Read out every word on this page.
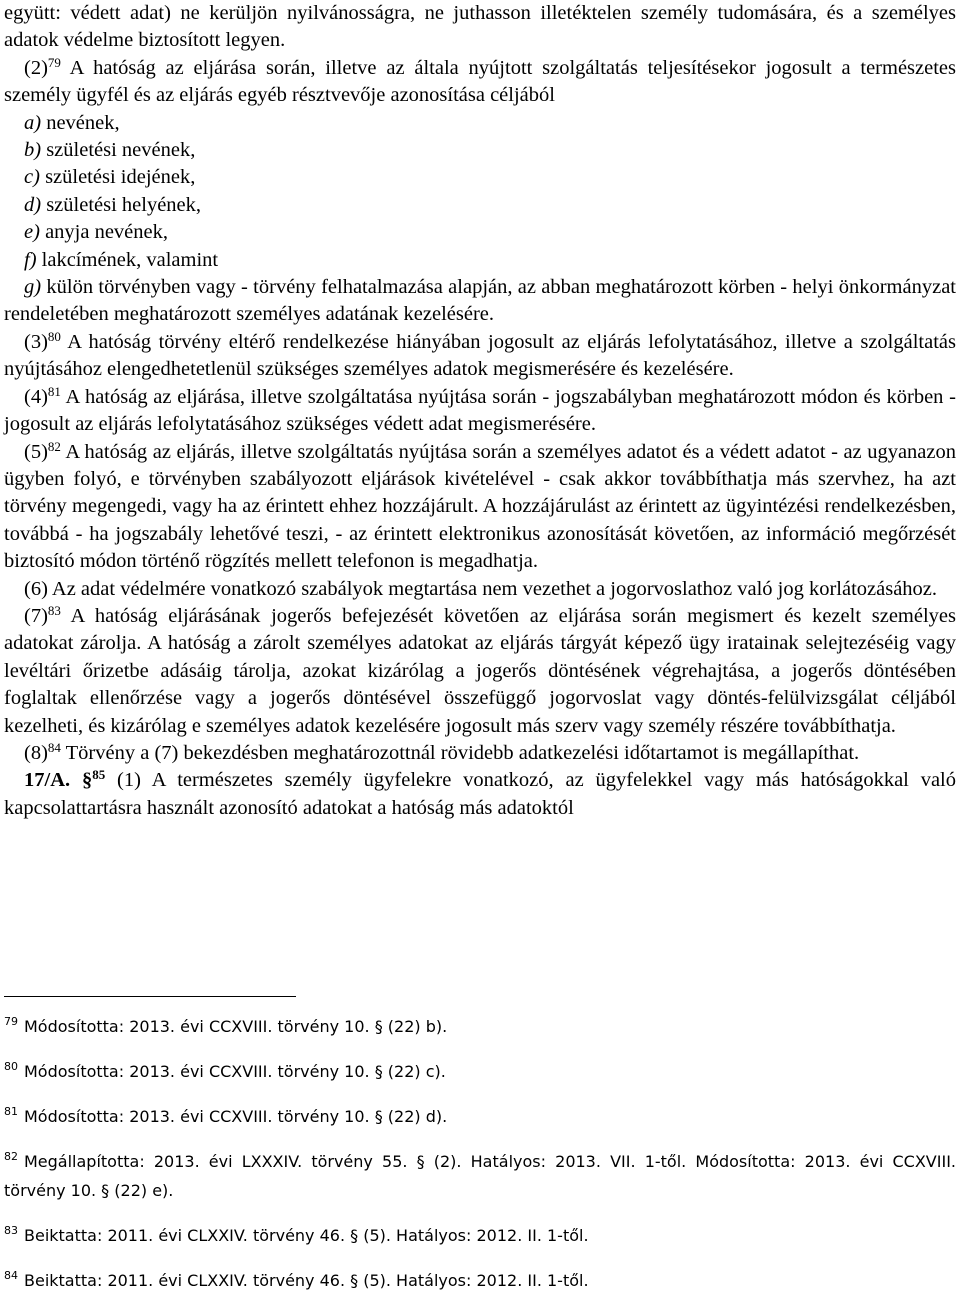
együtt: védett adat) ne kerüljön nyilvánosságra, ne juthasson illetéktelen személy tudomására, és a személyes adatok védelme biztosított legyen.

$(2)^{79}$ A hatóság az eljárása során, illetve az általa nyújtott szolgáltatás teljesítésekor jogosult a természetes személy ügyfél és az eljárás egyéb résztvevője azonosítása céljából

a) nevének,

b) születési nevének,

c) születési idejének,

d) születési helyének,

e) anyja nevének,

f) lakcímének, valamint

g) külön törvényben vagy - törvény felhatalmazása alapján, az abban meghatározott körben - helyi önkormányzat rendeletében meghatározott személyes adatának kezelésére.

$(3)^{80}$ A hatóság törvény eltérő rendelkezése hiányában jogosult az eljárás lefolytatásához, illetve a szolgáltatás nyújtásához elengedhetetlenül szükséges személyes adatok megismerésére és kezelésére.

$(4)^{81}$ A hatóság az eljárása, illetve szolgáltatása nyújtása során - jogszabályban meghatározott módon és körben - jogosult az eljárás lefolytatásához szükséges védett adat megismerésére.

$(5)^{82}$ A hatóság az eljárás, illetve szolgáltatás nyújtása során a személyes adatot és a védett adatot - az ugyanazon ügyben folyó, e törvényben szabályozott eljárások kivételével - csak akkor továbbíthatja más szervhez, ha azt törvény megengedi, vagy ha az érintett ehhez hozzájárult. A hozzájárulást az érintett az ügyintézési rendelkezésben, továbbá - ha jogszabály lehetővé teszi, - az érintett elektronikus azonosítását követően, az információ megőrzését biztosító módon történő rögzítés mellett telefonon is megadhatja.

(6) Az adat védelmére vonatkozó szabályok megtartása nem vezethet a jogorvoslathoz való jog korlátozásához.

$(7)^{83}$ A hatóság eljárásának jogerős befejezését követően az eljárása során megismert és kezelt személyes adatokat zárolja. A hatóság a zárolt személyes adatokat az eljárás tárgyát képező ügy iratainak selejtezéséig vagy levéltári őrizetbe adásáig tárolja, azokat kizárólag a jogerős döntésének végrehajtása, a jogerős döntésében foglaltak ellenőrzése vagy a jogerős döntésével összefüggő jogorvoslat vagy döntés-felülvizsgálat céljából kezelheti, és kizárólag e személyes adatok kezelésére jogosult más szerv vagy személy részére továbbíthatja.

$(8)^{84}$ Törvény a (7) bekezdésben meghatározottnál rövidebb adatkezelési időtartamot is megállapíthat.

17/A. §$^{85}$ (1) A természetes személy ügyfelekre vonatkozó, az ügyfelekkel vagy más hatóságokkal való kapcsolattartásra használt azonosító adatokat a hatóság más adatoktól

$^{79}$ Módosította: 2013. évi CCXVIII. törvény 10. § (22) b).

$^{80}$ Módosította: 2013. évi CCXVIII. törvény 10. § (22) c).

$^{81}$ Módosította: 2013. évi CCXVIII. törvény 10. § (22) d).

$^{82}$ Megállapította: 2013. évi LXXXIV. törvény 55. § (2). Hatályos: 2013. VII. 1-től. Módosította: 2013. évi CCXVIII. törvény 10. § (22) e).

$^{83}$ Beiktatta: 2011. évi CLXXIV. törvény 46. § (5). Hatályos: 2012. II. 1-től.

$^{84}$ Beiktatta: 2011. évi CLXXIV. törvény 46. § (5). Hatályos: 2012. II. 1-től.
